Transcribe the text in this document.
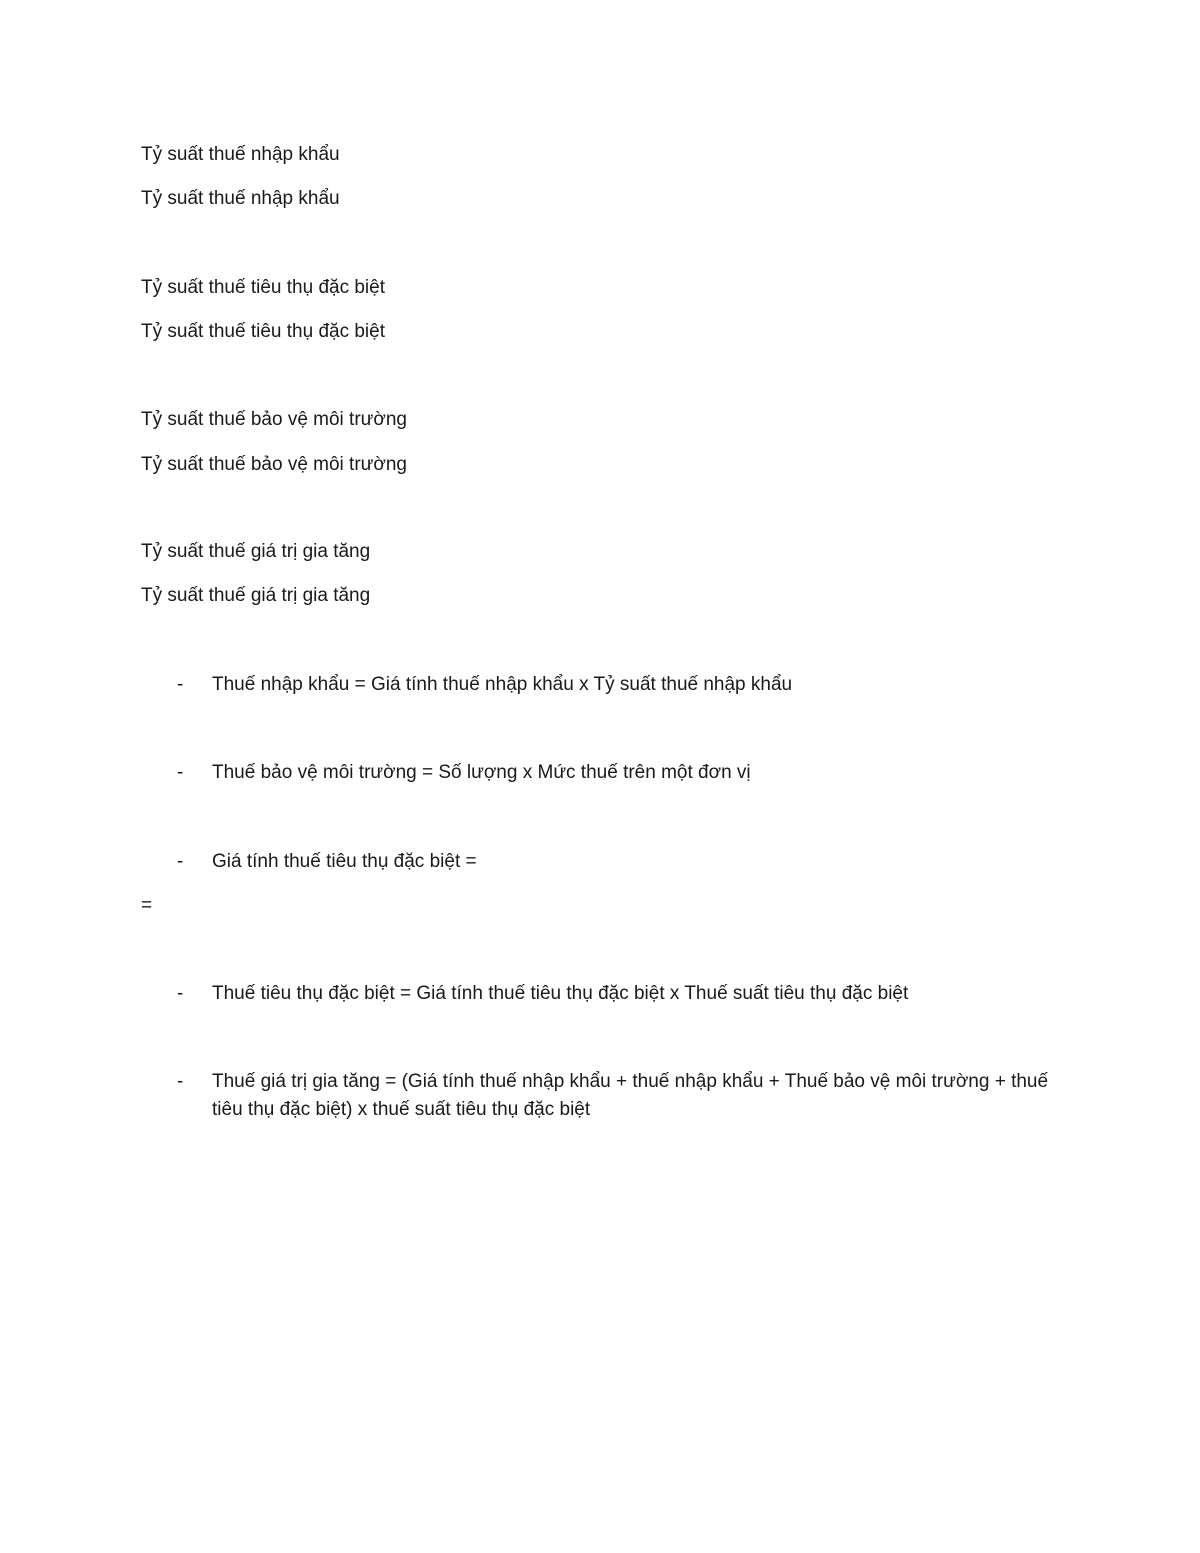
Tỷ suất thuế nhập khẩu
Tỷ suất thuế nhập khẩu
Tỷ suất thuế tiêu thụ đặc biệt
Tỷ suất thuế tiêu thụ đặc biệt
Tỷ suất thuế bảo vệ môi trường
Tỷ suất thuế bảo vệ môi trường
Tỷ suất thuế giá trị gia tăng
Tỷ suất thuế giá trị gia tăng
- Thuế nhập khẩu = Giá tính thuế nhập khẩu x Tỷ suất thuế nhập khẩu
- Thuế bảo vệ môi trường = Số lượng x Mức thuế trên một đơn vị
- Giá tính thuế tiêu thụ đặc biệt =
=
- Thuế tiêu thụ đặc biệt = Giá tính thuế tiêu thụ đặc biệt x Thuế suất tiêu thụ đặc biệt
- Thuế giá trị gia tăng = (Giá tính thuế nhập khẩu + thuế nhập khẩu + Thuế bảo vệ môi trường + thuế tiêu thụ đặc biệt) x thuế suất tiêu thụ đặc biệt
